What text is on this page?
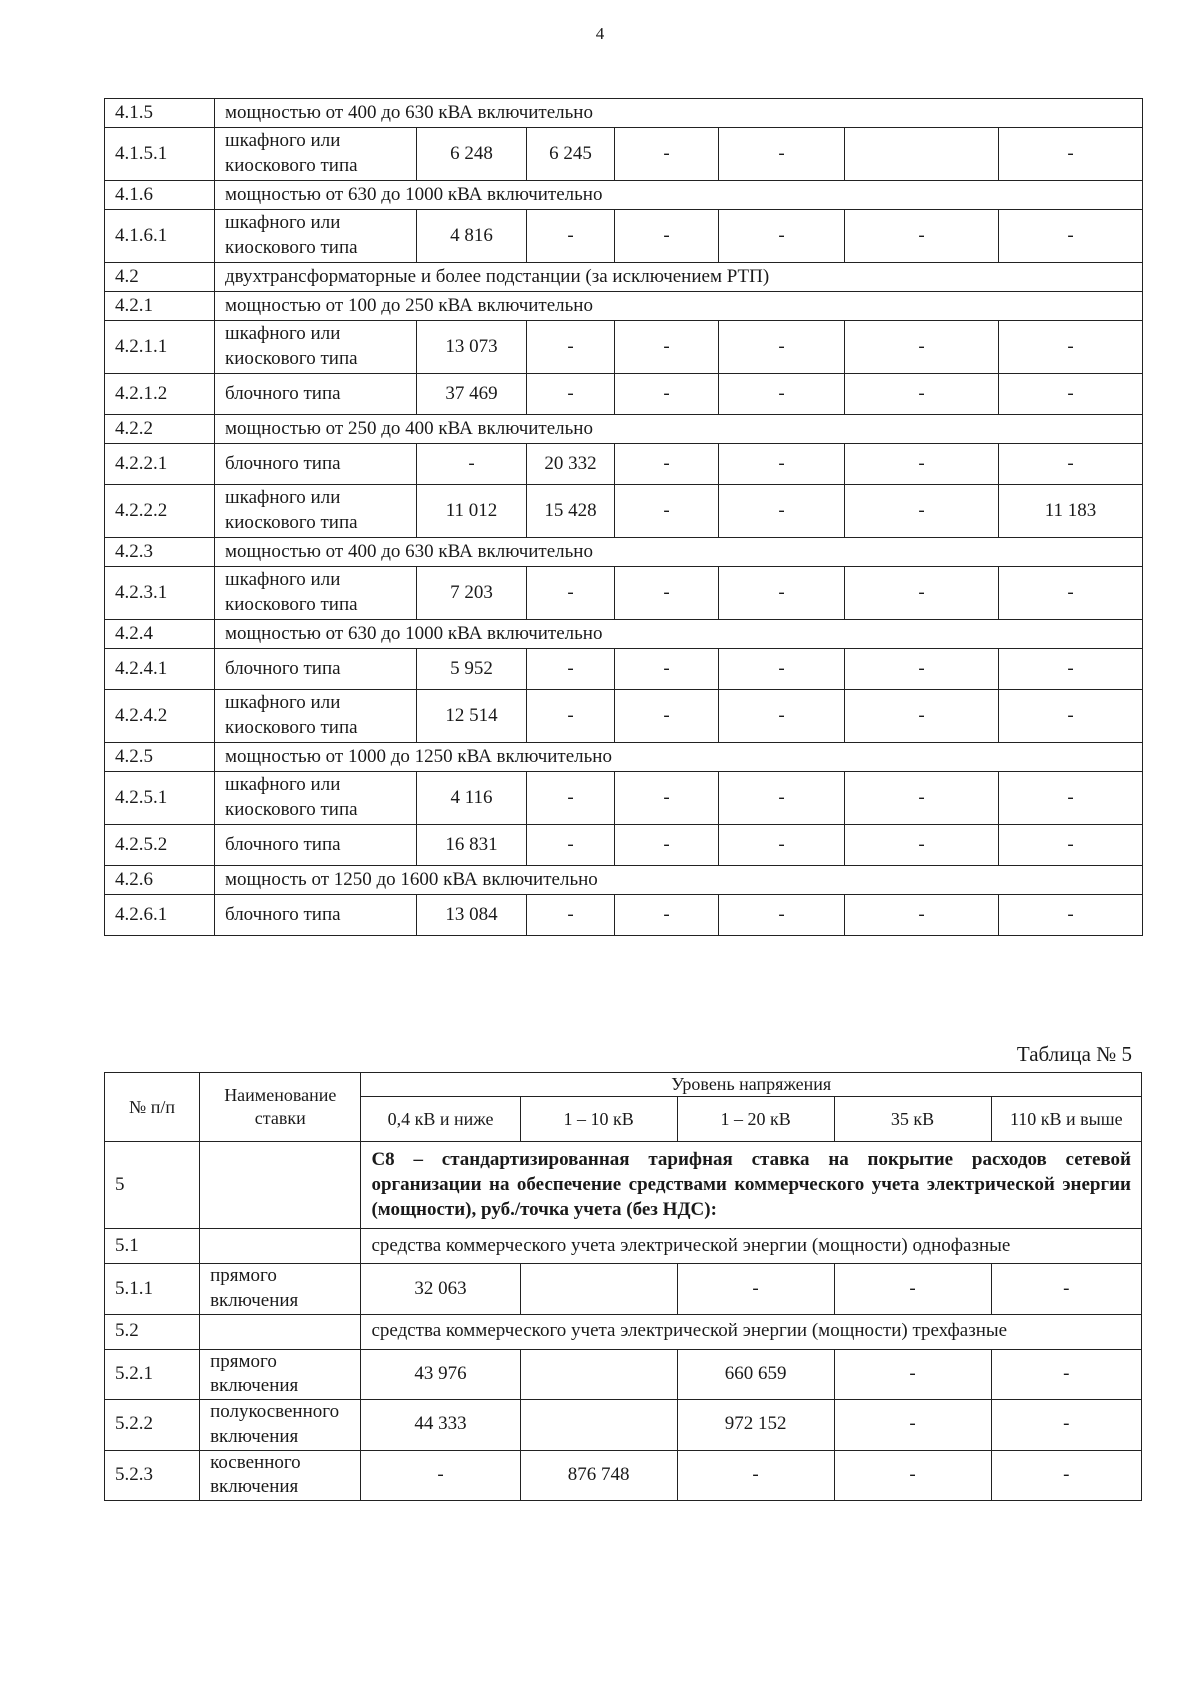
4
4.1.5	мощностью от 400 до 630 кВА включительно						
4.1.5.1	шкафного или киоскового типа	6 248	6 245	-	-		-
4.1.6	мощностью от 630 до 1000 кВА включительно						
4.1.6.1	шкафного или киоскового типа	4 816	-	-	-	-	-
4.2	двухтрансформаторные и более подстанции (за исключением РТП)						
4.2.1	мощностью от 100 до 250 кВА включительно						
4.2.1.1	шкафного или киоскового типа	13 073	-	-	-	-	-
4.2.1.2	блочного типа	37 469	-	-	-	-	-
4.2.2	мощностью от 250 до 400 кВА включительно						
4.2.2.1	блочного типа	-	20 332	-	-	-	-
4.2.2.2	шкафного или киоскового типа	11 012	15 428	-	-	-	11 183
4.2.3	мощностью от 400 до 630 кВА включительно						
4.2.3.1	шкафного или киоскового типа	7 203	-	-	-	-	-
4.2.4	мощностью от 630 до 1000 кВА включительно						
4.2.4.1	блочного типа	5 952	-	-	-	-	-
4.2.4.2	шкафного или киоскового типа	12 514	-	-	-	-	-
4.2.5	мощностью от 1000 до 1250 кВА включительно						
4.2.5.1	шкафного или киоскового типа	4 116	-	-	-	-	-
4.2.5.2	блочного типа	16 831	-	-	-	-	-
4.2.6	мощность от 1250 до 1600 кВА включительно						
4.2.6.1	блочного типа	13 084	-	-	-	-	-
Таблица № 5
№ п/п	Наименование ставки	Уровень напряжения				
		0,4 кВ и ниже	1 – 10 кВ	1 – 20 кВ	35 кВ	110 кВ и выше
5		С8 – стандартизированная тарифная ставка на покрытие расходов сетевой организации на обеспечение средствами коммерческого учета электрической энергии (мощности), руб./точка учета (без НДС):				
5.1		средства коммерческого учета электрической энергии (мощности) однофазные				
5.1.1	прямого включения	32 063		-	-	-
5.2		средства коммерческого учета электрической энергии (мощности) трехфазные				
5.2.1	прямого включения	43 976		660 659	-	-
5.2.2	полукосвенного включения	44 333		972 152	-	-
5.2.3	косвенного включения	-	876 748	-	-	-
